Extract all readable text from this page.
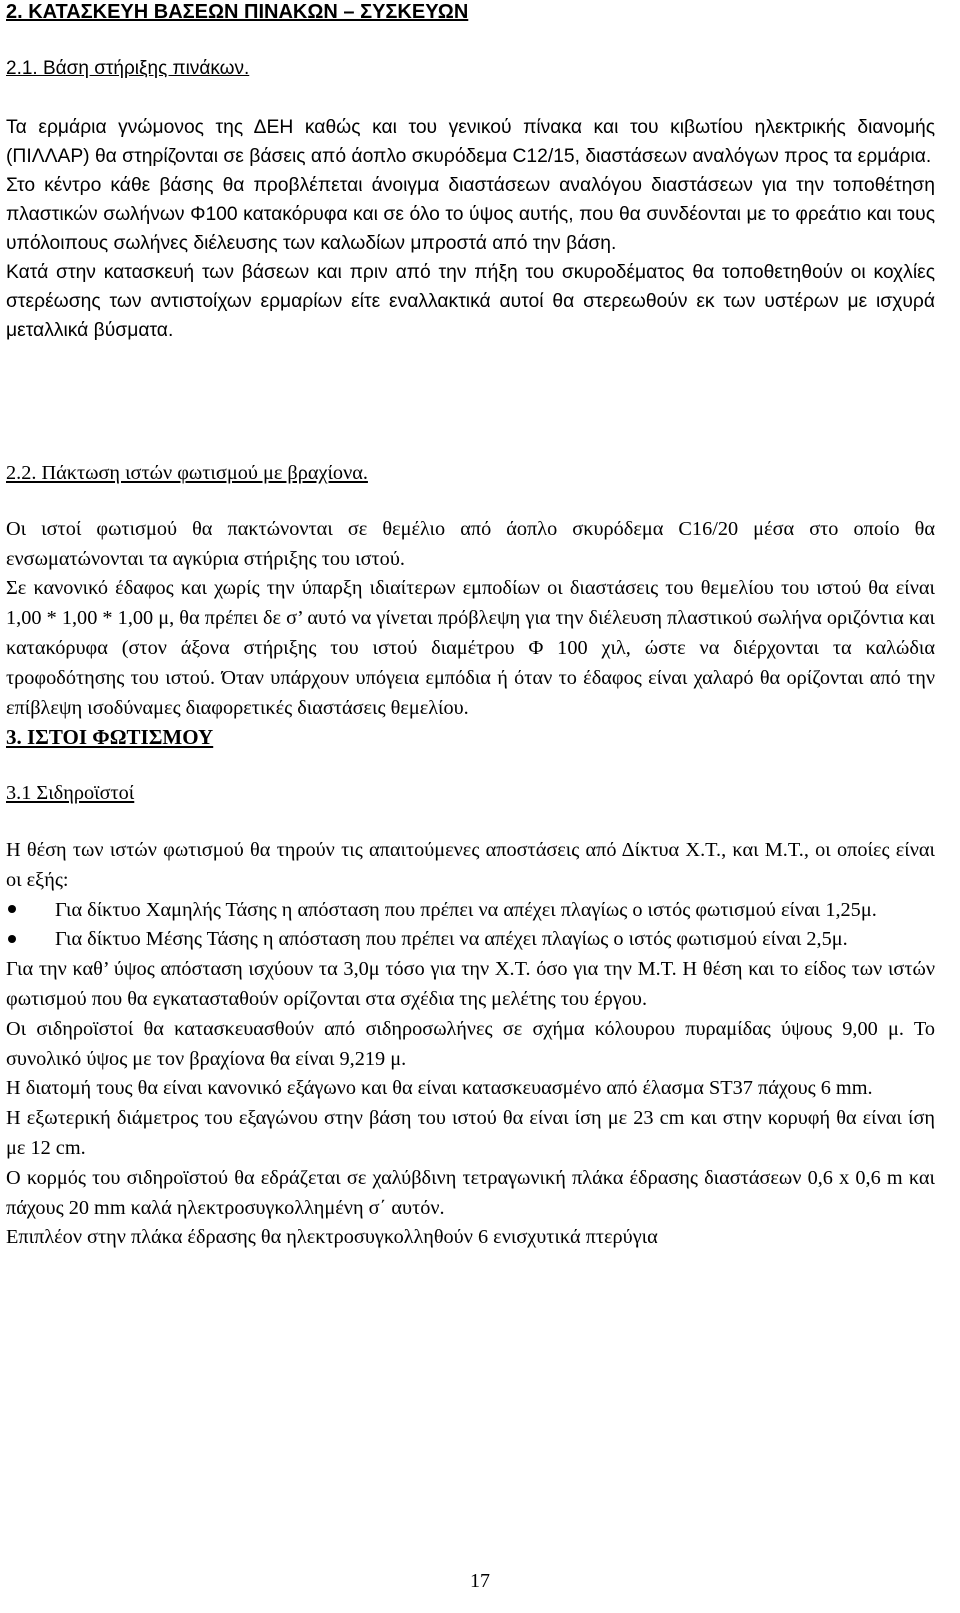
2. ΚΑΤΑΣΚΕΥΗ ΒΑΣΕΩΝ ΠΙΝΑΚΩΝ – ΣΥΣΚΕΥΩΝ

2.1. Βάση στήριξης πινάκων.

Τα ερμάρια γνώμονος της ΔΕΗ καθώς και του γενικού πίνακα και του κιβωτίου ηλεκτρικής διανομής (ΠΙΛΛΑΡ) θα στηρίζονται σε βάσεις από άοπλο σκυρόδεμα C12/15, διαστάσεων αναλόγων προς τα ερμάρια.

Στο κέντρο κάθε βάσης θα προβλέπεται άνοιγμα διαστάσεων αναλόγου διαστάσεων για την τοποθέτηση πλαστικών σωλήνων Φ100 κατακόρυφα και σε όλο το ύψος αυτής, που θα συνδέονται με το φρεάτιο και τους υπόλοιπους σωλήνες διέλευσης των καλωδίων μπροστά από την βάση.

Κατά στην κατασκευή των βάσεων και πριν από την πήξη του σκυροδέματος θα τοποθετηθούν οι κοχλίες στερέωσης των αντιστοίχων ερμαρίων είτε εναλλακτικά αυτοί θα στερεωθούν εκ των υστέρων με ισχυρά μεταλλικά βύσματα.

2.2. Πάκτωση ιστών φωτισμού με βραχίονα.

Οι ιστοί φωτισμού θα πακτώνονται σε θεμέλιο από άοπλο σκυρόδεμα C16/20 μέσα στο οποίο θα ενσωματώνονται τα αγκύρια στήριξης του ιστού.

Σε κανονικό έδαφος και χωρίς την ύπαρξη ιδιαίτερων εμποδίων οι διαστάσεις του θεμελίου του ιστού θα είναι 1,00 * 1,00 * 1,00 μ, θα πρέπει δε σ’ αυτό να γίνεται πρόβλεψη για την διέλευση πλαστικού σωλήνα οριζόντια και κατακόρυφα (στον άξονα στήριξης του ιστού διαμέτρου Φ 100 χιλ, ώστε να διέρχονται τα καλώδια τροφοδότησης του ιστού. Όταν υπάρχουν υπόγεια εμπόδια ή όταν το έδαφος είναι χαλαρό θα ορίζονται από την επίβλεψη ισοδύναμες διαφορετικές διαστάσεις θεμελίου.

3. ΙΣΤΟΙ ΦΩΤΙΣΜΟΥ

3.1 Σιδηροϊστοί

Η θέση των ιστών φωτισμού θα τηρούν τις απαιτούμενες αποστάσεις από Δίκτυα Χ.Τ., και Μ.Τ., οι οποίες είναι οι εξής:

Για δίκτυο Χαμηλής Τάσης η απόσταση που πρέπει να απέχει πλαγίως ο ιστός φωτισμού είναι 1,25μ.
Για δίκτυο Μέσης Τάσης η απόσταση που πρέπει να απέχει πλαγίως ο ιστός φωτισμού είναι 2,5μ.

Για την καθ’ ύψος απόσταση ισχύουν τα 3,0μ τόσο για την Χ.Τ. όσο για την Μ.Τ. Η θέση και το είδος των ιστών φωτισμού που θα εγκατασταθούν ορίζονται στα σχέδια της μελέτης του έργου.

Οι σιδηροϊστοί θα κατασκευασθούν από σιδηροσωλήνες σε σχήμα κόλουρου πυραμίδας ύψους 9,00 μ. Το συνολικό ύψος με τον βραχίονα θα είναι 9,219 μ.

Η διατομή τους θα είναι κανονικό εξάγωνο και θα είναι κατασκευασμένο από έλασμα ST37 πάχους 6 mm.

Η εξωτερική διάμετρος του εξαγώνου στην βάση του ιστού θα είναι ίση με 23 cm και στην κορυφή θα είναι ίση με 12 cm.

Ο κορμός του σιδηροϊστού θα εδράζεται σε χαλύβδινη τετραγωνική πλάκα έδρασης διαστάσεων 0,6 x 0,6 m και πάχους 20 mm καλά ηλεκτροσυγκολλημένη σ΄ αυτόν.

Επιπλέον στην πλάκα έδρασης θα ηλεκτροσυγκολληθούν 6 ενισχυτικά πτερύγια

17
